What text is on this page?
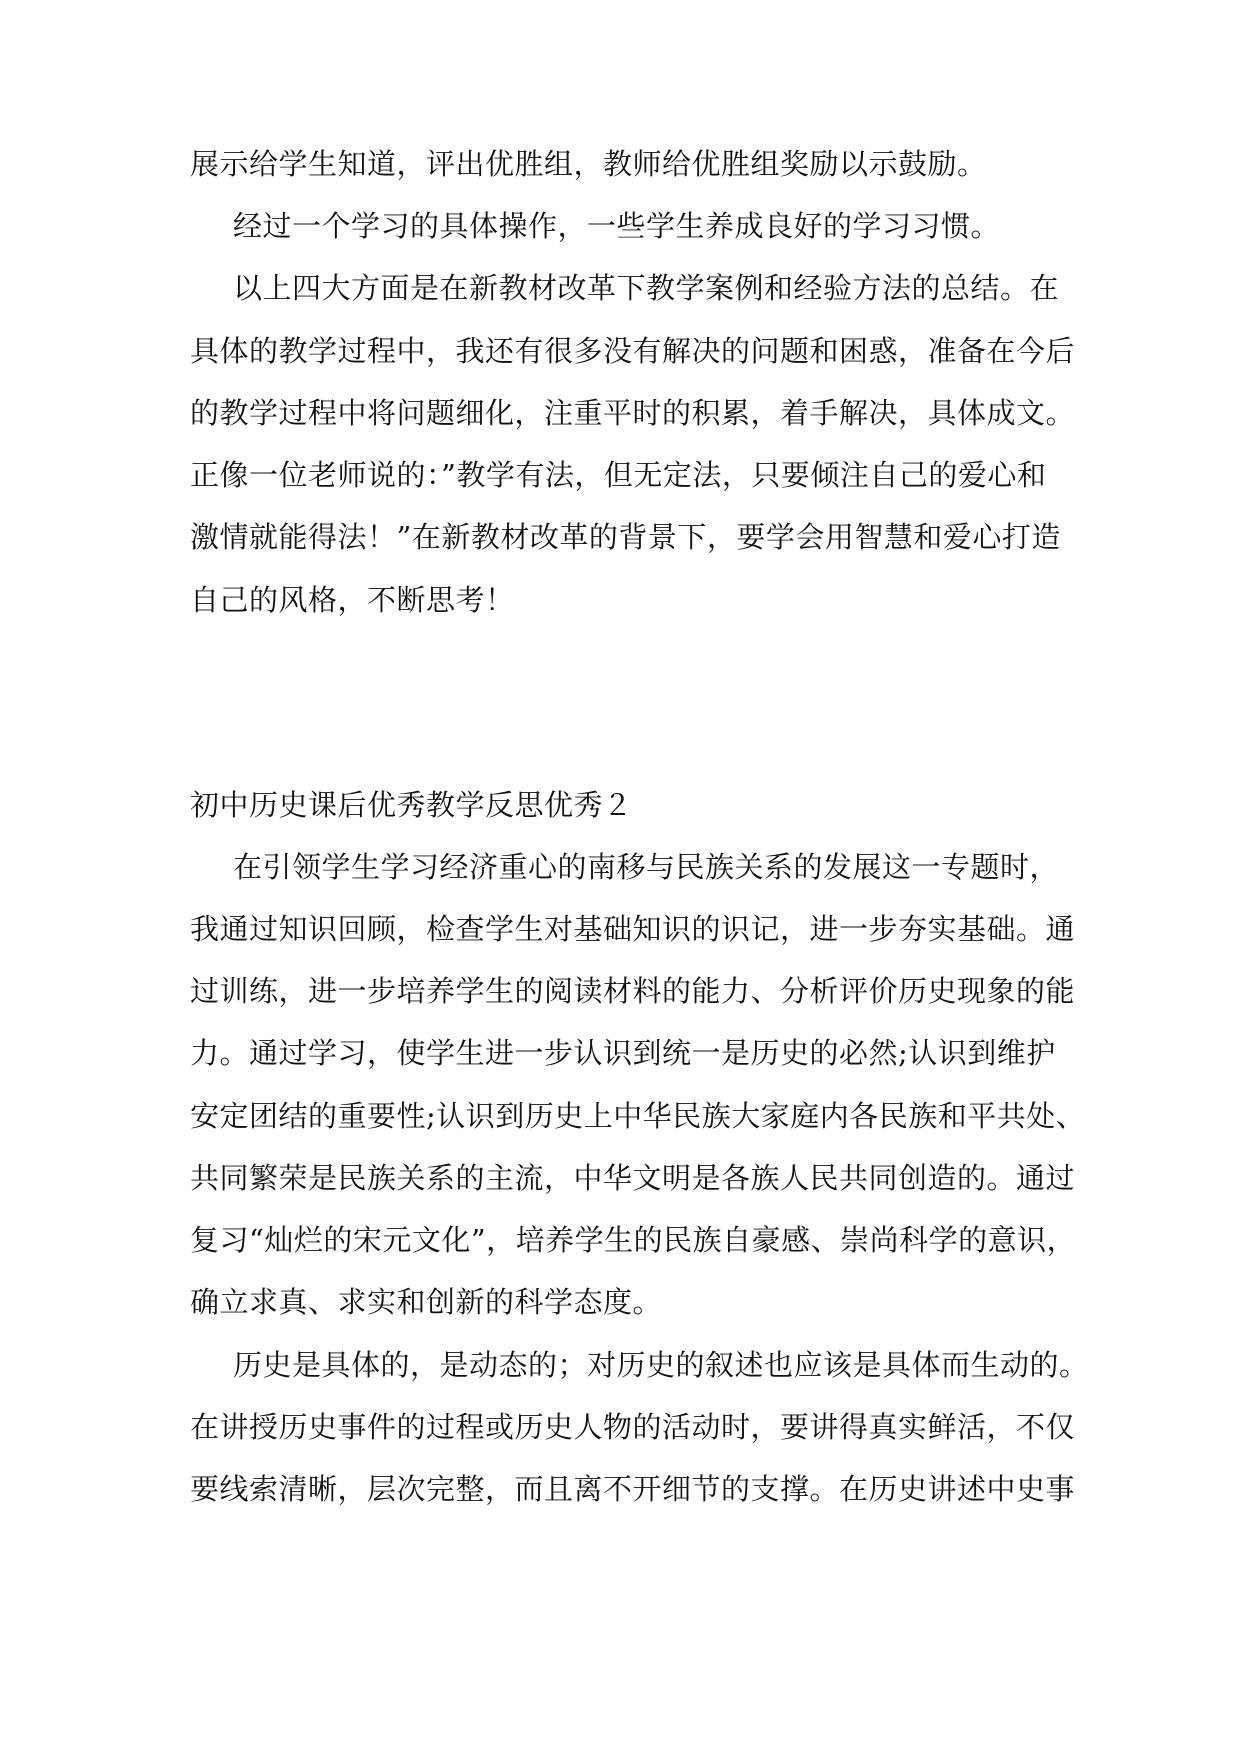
展示给学生知道，评出优胜组，教师给优胜组奖励以示鼓励。
经过一个学习的具体操作，一些学生养成良好的学习习惯。
以上四大方面是在新教材改革下教学案例和经验方法的总结。在
具体的教学过程中，我还有很多没有解决的问题和困惑，准备在今后
的教学过程中将问题细化，注重平时的积累，着手解决，具体成文。
正像一位老师说的：”教学有法，但无定法，只要倾注自己的爱心和
激情就能得法！”在新教材改革的背景下，要学会用智慧和爱心打造
自己的风格，不断思考！
初中历史课后优秀教学反思优秀２
在引领学生学习经济重心的南移与民族关系的发展这一专题时，
我通过知识回顾，检查学生对基础知识的识记，进一步夯实基础。通
过训练，进一步培养学生的阅读材料的能力、分析评价历史现象的能
力。通过学习，使学生进一步认识到统一是历史的必然;认识到维护
安定团结的重要性;认识到历史上中华民族大家庭内各民族和平共处、
共同繁荣是民族关系的主流，中华文明是各族人民共同创造的。通过
复习“灿烂的宋元文化”，培养学生的民族自豪感、崇尚科学的意识，
确立求真、求实和创新的科学态度。
历史是具体的，是动态的；对历史的叙述也应该是具体而生动的。
在讲授历史事件的过程或历史人物的活动时，要讲得真实鲜活，不仅
要线索清晰，层次完整，而且离不开细节的支撑。在历史讲述中史事
